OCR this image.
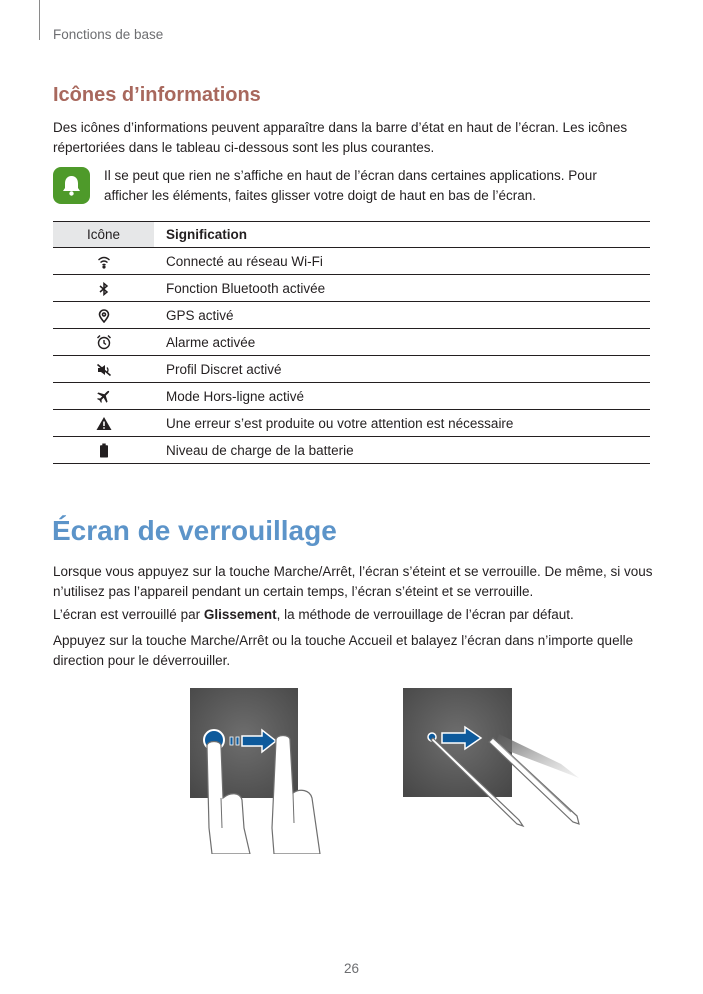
Fonctions de base
Icônes d’informations

Des icônes d’informations peuvent apparaître dans la barre d’état en haut de l’écran. Les icônes répertoriées dans le tableau ci-dessous sont les plus courantes.

Il se peut que rien ne s’affiche en haut de l’écran dans certaines applications. Pour afficher les éléments, faites glisser votre doigt de haut en bas de l’écran.

Icône	Signification
	Connecté au réseau Wi-Fi
	Fonction Bluetooth activée
	GPS activé
	Alarme activée
	Profil Discret activé
	Mode Hors-ligne activé
	Une erreur s’est produite ou votre attention est nécessaire
	Niveau de charge de la batterie
Écran de verrouillage

Lorsque vous appuyez sur la touche Marche/Arrêt, l’écran s’éteint et se verrouille. De même, si vous n’utilisez pas l’appareil pendant un certain temps, l’écran s’éteint et se verrouille.

L’écran est verrouillé par Glissement, la méthode de verrouillage de l’écran par défaut.

Appuyez sur la touche Marche/Arrêt ou la touche Accueil et balayez l’écran dans n’importe quelle direction pour le déverrouiller.

26
